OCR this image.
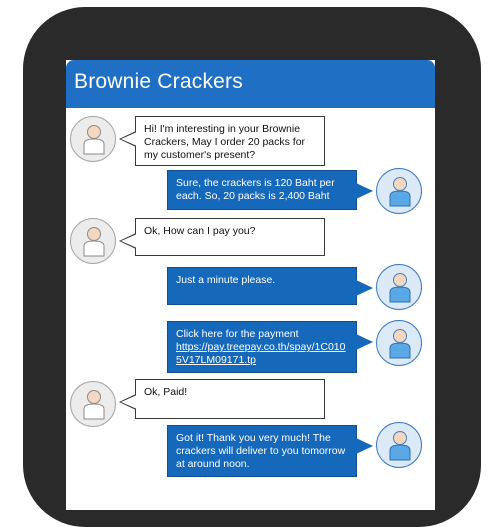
Brownie Crackers

Hi! I'm interesting in your Brownie Crackers, May I order 20 packs for my customer's present?

Sure, the crackers is 120 Baht per each. So, 20 packs is 2,400 Baht

Ok, How can I pay you?

Just a minute please.

Click here for the payment

https://pay.treepay.co.th/spay/1C0105V17LM09171.tp

Ok, Paid!

Got it! Thank you very much! The crackers will deliver to you tomorrow at around noon.
